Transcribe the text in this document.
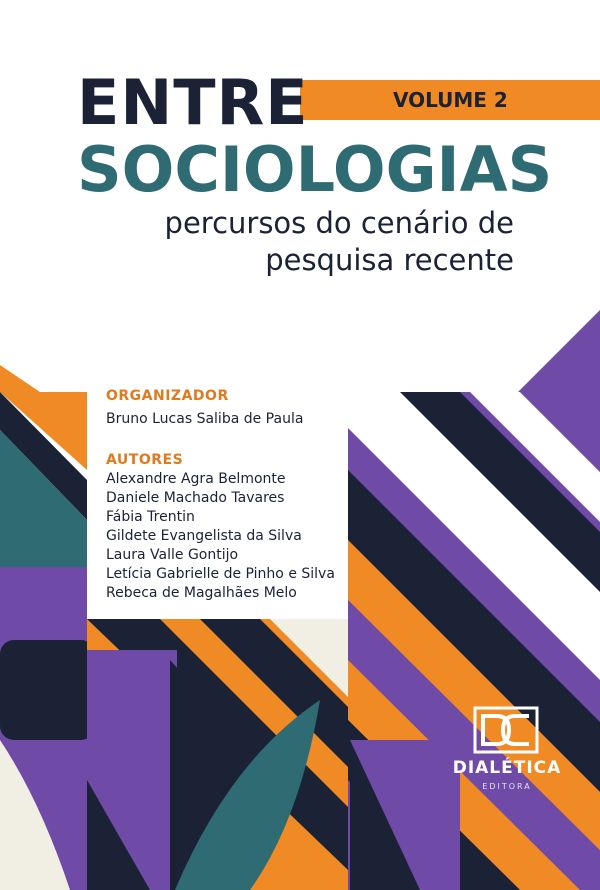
ENTRE	VOLUME 2
SOCIOLOGIAS
percursos do cenário de
pesquisa recente
ORGANIZADOR
Bruno Lucas Saliba de Paula
AUTORES
Alexandre Agra Belmonte
Daniele Machado Tavares
Fábia Trentin
Gildete Evangelista da Silva
Laura Valle Gontijo
Letícia Gabrielle de Pinho e Silva
Rebeca de Magalhães Melo
DIALÉTICA
EDITORA
